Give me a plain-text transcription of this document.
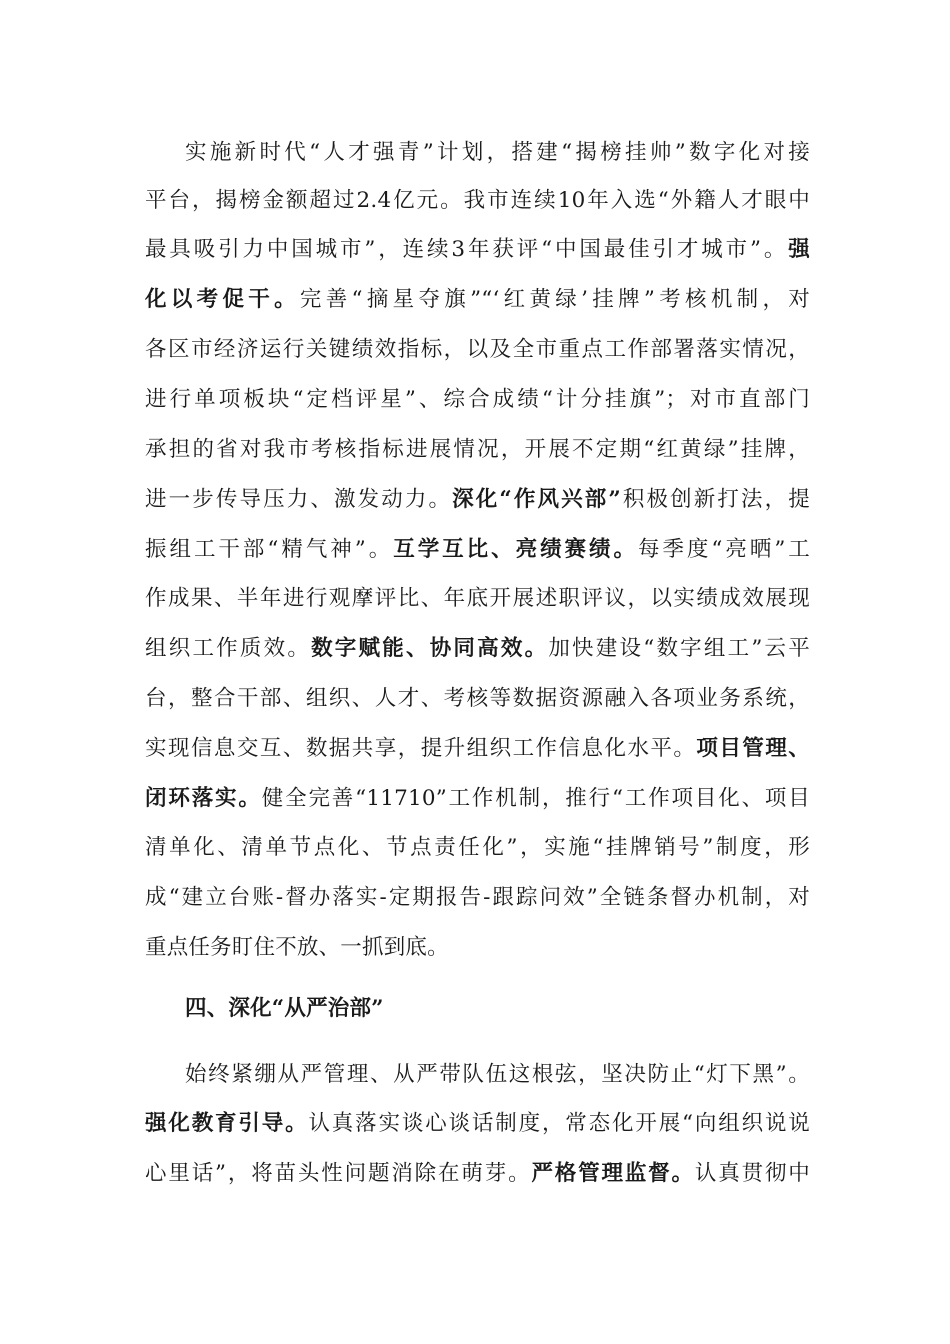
实施新时代“人才强青”计划，搭建“揭榜挂帅”数字化对接
平台，揭榜金额超过2.4亿元。我市连续10年入选“外籍人才眼中
最具吸引力中国城市”，连续3年获评“中国最佳引才城市”。强
化以考促干。完善“摘星夺旗”“‘红黄绿’挂牌”考核机制，对
各区市经济运行关键绩效指标，以及全市重点工作部署落实情况，
进行单项板块“定档评星”、综合成绩“计分挂旗”；对市直部门
承担的省对我市考核指标进展情况，开展不定期“红黄绿”挂牌，
进一步传导压力、激发动力。深化“作风兴部”积极创新打法，提
振组工干部“精气神”。互学互比、亮绩赛绩。每季度“亮晒”工
作成果、半年进行观摩评比、年底开展述职评议，以实绩成效展现
组织工作质效。数字赋能、协同高效。加快建设“数字组工”云平
台，整合干部、组织、人才、考核等数据资源融入各项业务系统，
实现信息交互、数据共享，提升组织工作信息化水平。项目管理、
闭环落实。健全完善“11710”工作机制，推行“工作项目化、项目
清单化、清单节点化、节点责任化”，实施“挂牌销号”制度，形
成“建立台账-督办落实-定期报告-跟踪问效”全链条督办机制，对
重点任务盯住不放、一抓到底。
四、深化“从严治部”
始终紧绷从严管理、从严带队伍这根弦，坚决防止“灯下黑”。
强化教育引导。认真落实谈心谈话制度，常态化开展“向组织说说
心里话”，将苗头性问题消除在萌芽。严格管理监督。认真贯彻中
